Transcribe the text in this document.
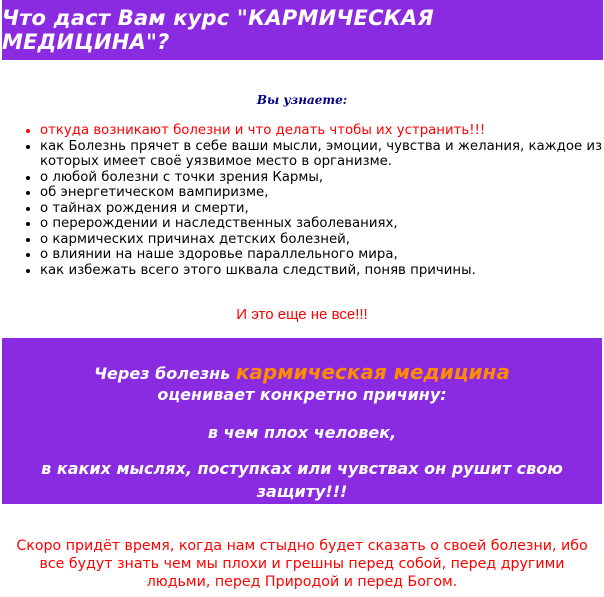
Что даст Вам курс "КАРМИЧЕСКАЯ МЕДИЦИНА"?
Вы узнаете:
• откуда возникают болезни и что делать чтобы их устранить!!!
• как Болезнь прячет в себе ваши мысли, эмоции, чувства и желания, каждое из которых имеет своё уязвимое место в организме.
• о любой болезни с точки зрения Кармы,
• об энергетическом вампиризме,
• о тайнах рождения и смерти,
• о перерождении и наследственных заболеваниях,
• о кармических причинах детских болезней,
• о влиянии на наше здоровье параллельного мира,
• как избежать всего этого шквала следствий, поняв причины.
И это еще не все!!!
Через болезнь кармическая медицина
оценивает конкретно причину:
в чем плох человек,
в каких мыслях, поступках или чувствах он рушит свою защиту!!!
Скоро придёт время, когда нам стыдно будет сказать о своей болезни, ибо все будут знать чем мы плохи и грешны перед собой, перед другими людьми, перед Природой и перед Богом.
